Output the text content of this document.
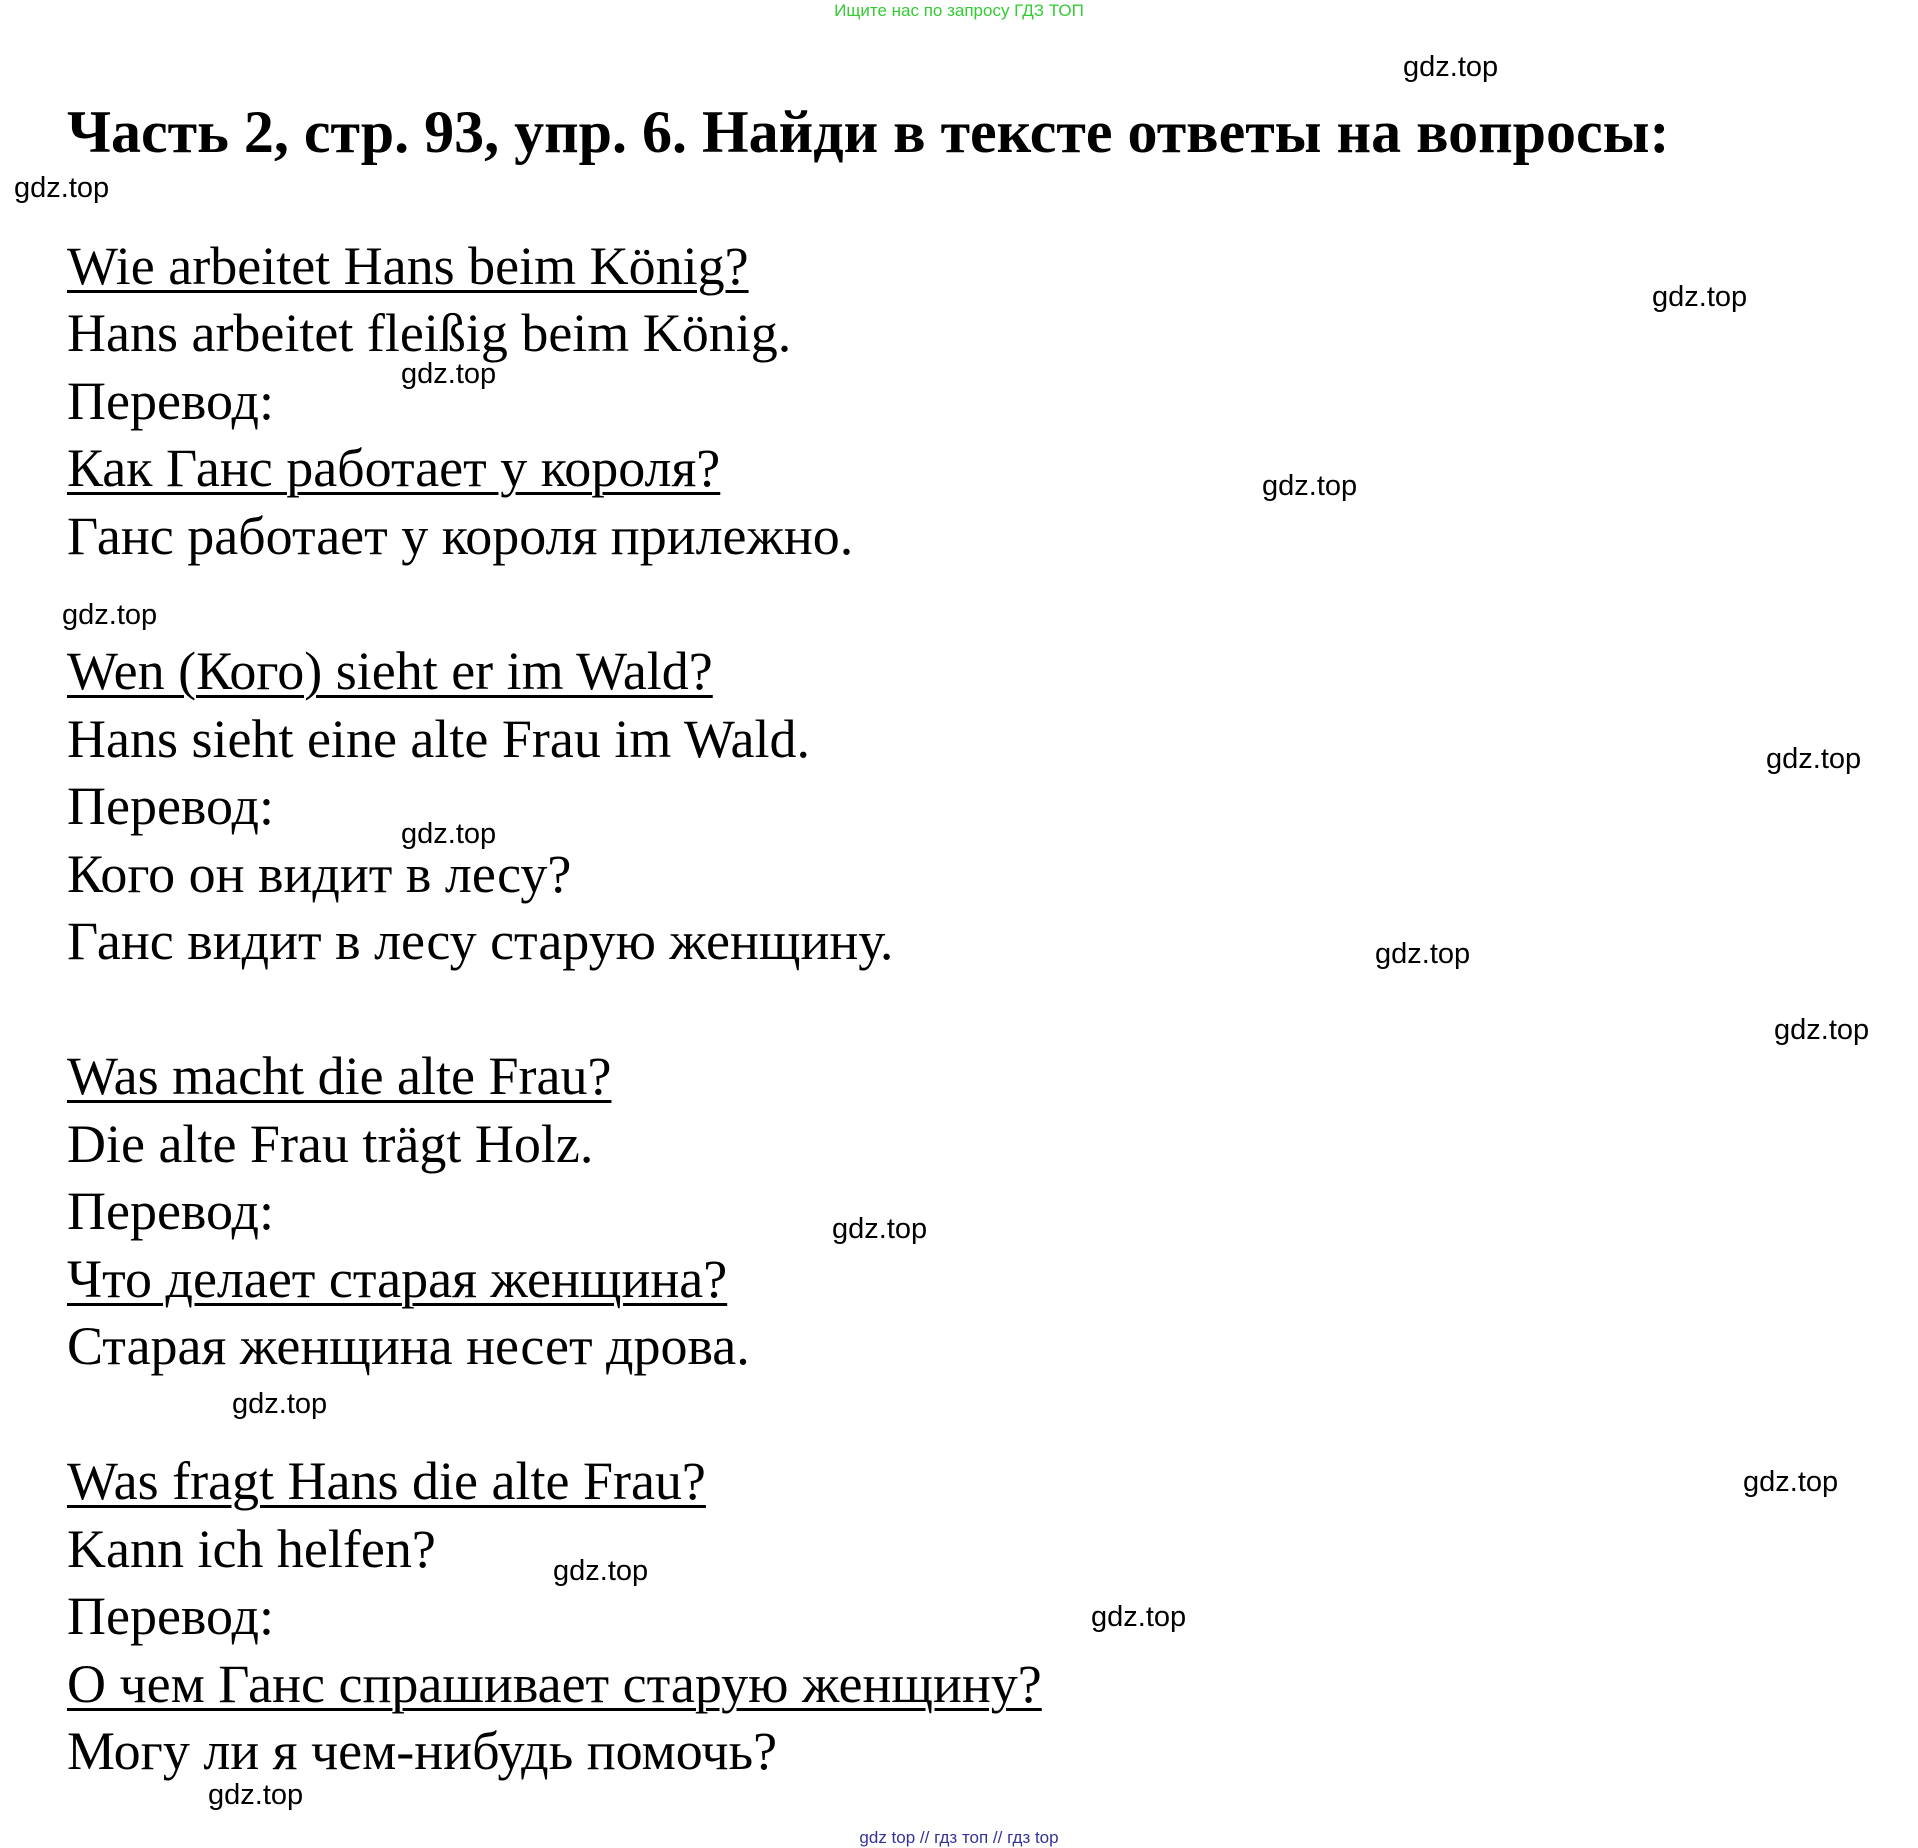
Ищите нас по запросу ГДЗ ТОП
Часть 2, стр. 93, упр. 6. Найди в тексте ответы на вопросы:

Wie arbeitet Hans beim König?

Hans arbeitet fleißig beim König.

Перевод:

Как Ганс работает у короля?

Ганс работает у короля прилежно.

Wen (Кого) sieht er im Wald?

Hans sieht eine alte Frau im Wald.

Перевод:

Кого он видит в лесу?

Ганс видит в лесу старую женщину.

Was macht die alte Frau?

Die alte Frau trägt Holz.

Перевод:

Что делает старая женщина?

Старая женщина несет дрова.

Was fragt Hans die alte Frau?

Kann ich helfen?

Перевод:

О чем Ганс спрашивает старую женщину?

Могу ли я чем-нибудь помочь?

gdz.top
gdz.top
gdz.top
gdz.top
gdz.top
gdz.top
gdz.top
gdz.top
gdz.top
gdz.top
gdz.top
gdz.top
gdz.top
gdz.top
gdz.top
gdz.top
gdz top // гдз топ // гдз top
